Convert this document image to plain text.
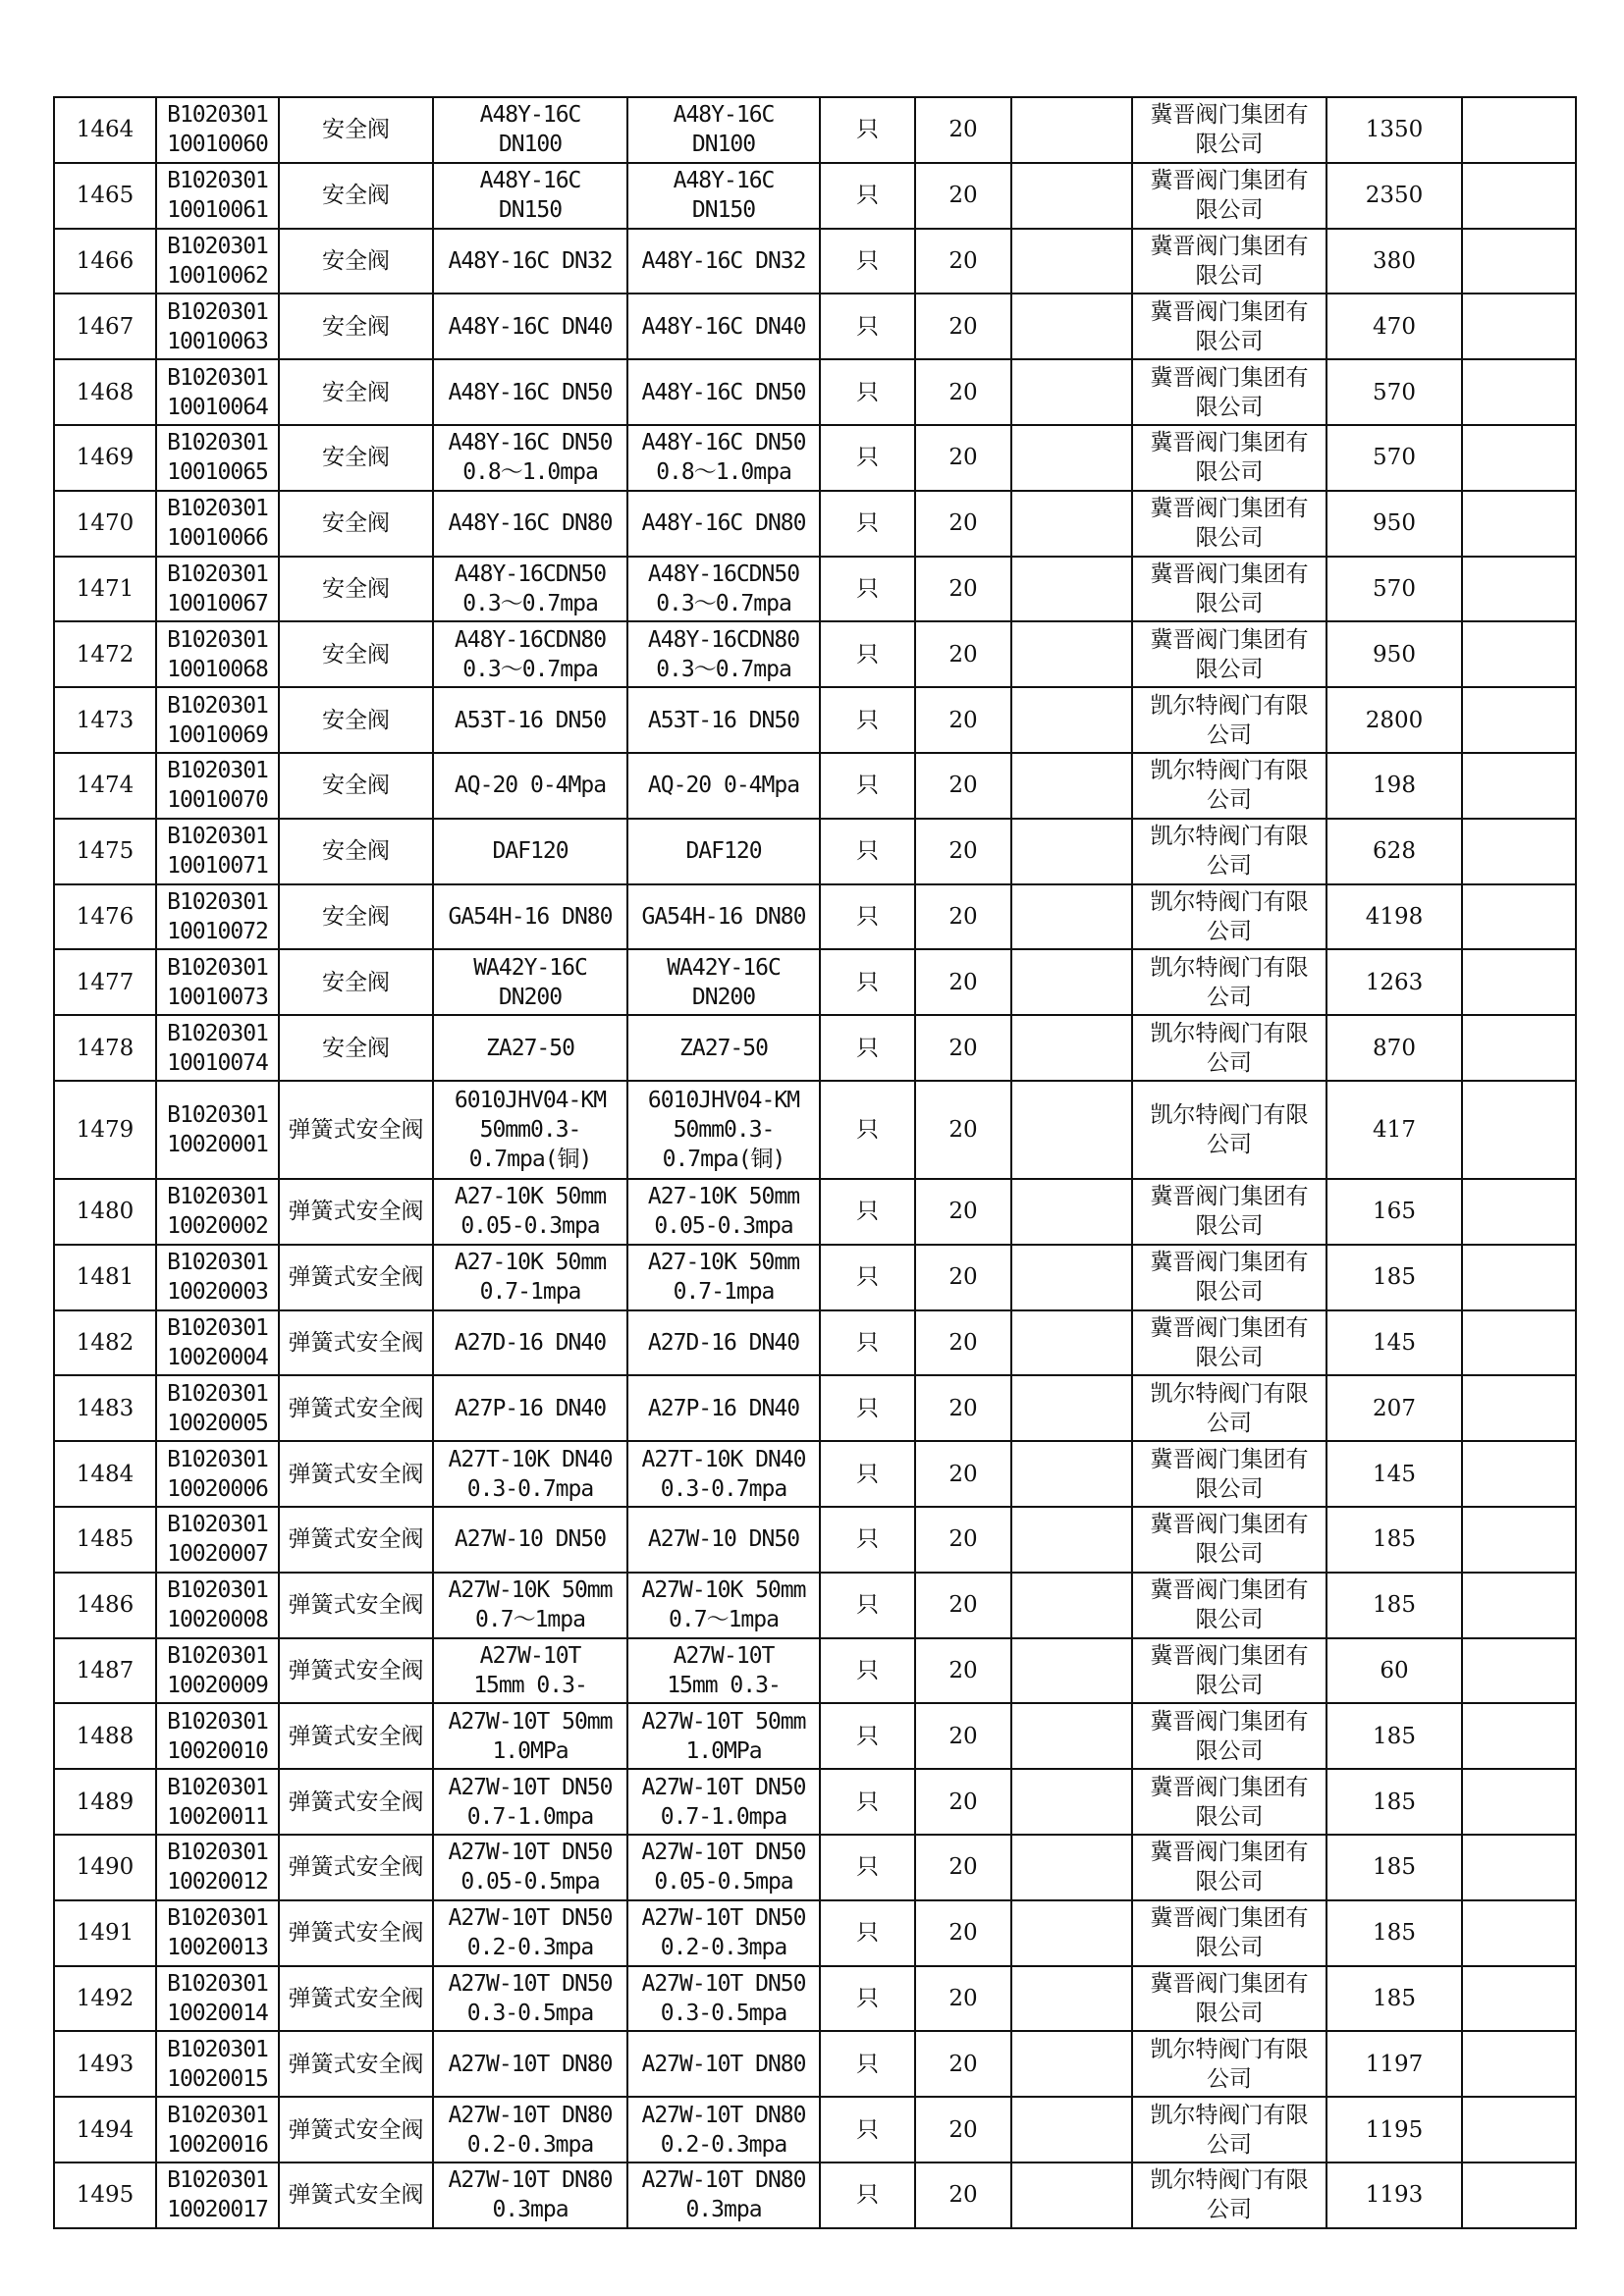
1464	B1020301
10010060	安全阀	A48Y-16C
DN100	A48Y-16C
DN100	只	20		冀晋阀门集团有
限公司	1350	
1465	B1020301
10010061	安全阀	A48Y-16C
DN150	A48Y-16C
DN150	只	20		冀晋阀门集团有
限公司	2350	
1466	B1020301
10010062	安全阀	A48Y-16C DN32	A48Y-16C DN32	只	20		冀晋阀门集团有
限公司	380	
1467	B1020301
10010063	安全阀	A48Y-16C DN40	A48Y-16C DN40	只	20		冀晋阀门集团有
限公司	470	
1468	B1020301
10010064	安全阀	A48Y-16C DN50	A48Y-16C DN50	只	20		冀晋阀门集团有
限公司	570	
1469	B1020301
10010065	安全阀	A48Y-16C DN50
0.8～1.0mpa	A48Y-16C DN50
0.8～1.0mpa	只	20		冀晋阀门集团有
限公司	570	
1470	B1020301
10010066	安全阀	A48Y-16C DN80	A48Y-16C DN80	只	20		冀晋阀门集团有
限公司	950	
1471	B1020301
10010067	安全阀	A48Y-16CDN50
0.3～0.7mpa	A48Y-16CDN50
0.3～0.7mpa	只	20		冀晋阀门集团有
限公司	570	
1472	B1020301
10010068	安全阀	A48Y-16CDN80
0.3～0.7mpa	A48Y-16CDN80
0.3～0.7mpa	只	20		冀晋阀门集团有
限公司	950	
1473	B1020301
10010069	安全阀	A53T-16 DN50	A53T-16 DN50	只	20		凯尔特阀门有限
公司	2800	
1474	B1020301
10010070	安全阀	AQ-20 0-4Mpa	AQ-20 0-4Mpa	只	20		凯尔特阀门有限
公司	198	
1475	B1020301
10010071	安全阀	DAF120	DAF120	只	20		凯尔特阀门有限
公司	628	
1476	B1020301
10010072	安全阀	GA54H-16 DN80	GA54H-16 DN80	只	20		凯尔特阀门有限
公司	4198	
1477	B1020301
10010073	安全阀	WA42Y-16C
DN200	WA42Y-16C
DN200	只	20		凯尔特阀门有限
公司	1263	
1478	B1020301
10010074	安全阀	ZA27-50	ZA27-50	只	20		凯尔特阀门有限
公司	870	
1479	B1020301
10020001	弹簧式安全阀	6010JHV04-KM
50mm0.3-
0.7mpa(铜)	6010JHV04-KM
50mm0.3-
0.7mpa(铜)	只	20		凯尔特阀门有限
公司	417	
1480	B1020301
10020002	弹簧式安全阀	A27-10K 50mm
0.05-0.3mpa	A27-10K 50mm
0.05-0.3mpa	只	20		冀晋阀门集团有
限公司	165	
1481	B1020301
10020003	弹簧式安全阀	A27-10K 50mm
0.7-1mpa	A27-10K 50mm
0.7-1mpa	只	20		冀晋阀门集团有
限公司	185	
1482	B1020301
10020004	弹簧式安全阀	A27D-16 DN40	A27D-16 DN40	只	20		冀晋阀门集团有
限公司	145	
1483	B1020301
10020005	弹簧式安全阀	A27P-16 DN40	A27P-16 DN40	只	20		凯尔特阀门有限
公司	207	
1484	B1020301
10020006	弹簧式安全阀	A27T-10K DN40
0.3-0.7mpa	A27T-10K DN40
0.3-0.7mpa	只	20		冀晋阀门集团有
限公司	145	
1485	B1020301
10020007	弹簧式安全阀	A27W-10 DN50	A27W-10 DN50	只	20		冀晋阀门集团有
限公司	185	
1486	B1020301
10020008	弹簧式安全阀	A27W-10K 50mm
0.7～1mpa	A27W-10K 50mm
0.7～1mpa	只	20		冀晋阀门集团有
限公司	185	
1487	B1020301
10020009	弹簧式安全阀	A27W-10T
15mm 0.3-	A27W-10T
15mm 0.3-	只	20		冀晋阀门集团有
限公司	60	
1488	B1020301
10020010	弹簧式安全阀	A27W-10T 50mm
1.0MPa	A27W-10T 50mm
1.0MPa	只	20		冀晋阀门集团有
限公司	185	
1489	B1020301
10020011	弹簧式安全阀	A27W-10T DN50
0.7-1.0mpa	A27W-10T DN50
0.7-1.0mpa	只	20		冀晋阀门集团有
限公司	185	
1490	B1020301
10020012	弹簧式安全阀	A27W-10T DN50
0.05-0.5mpa	A27W-10T DN50
0.05-0.5mpa	只	20		冀晋阀门集团有
限公司	185	
1491	B1020301
10020013	弹簧式安全阀	A27W-10T DN50
0.2-0.3mpa	A27W-10T DN50
0.2-0.3mpa	只	20		冀晋阀门集团有
限公司	185	
1492	B1020301
10020014	弹簧式安全阀	A27W-10T DN50
0.3-0.5mpa	A27W-10T DN50
0.3-0.5mpa	只	20		冀晋阀门集团有
限公司	185	
1493	B1020301
10020015	弹簧式安全阀	A27W-10T DN80	A27W-10T DN80	只	20		凯尔特阀门有限
公司	1197	
1494	B1020301
10020016	弹簧式安全阀	A27W-10T DN80
0.2-0.3mpa	A27W-10T DN80
0.2-0.3mpa	只	20		凯尔特阀门有限
公司	1195	
1495	B1020301
10020017	弹簧式安全阀	A27W-10T DN80
0.3mpa	A27W-10T DN80
0.3mpa	只	20		凯尔特阀门有限
公司	1193	
